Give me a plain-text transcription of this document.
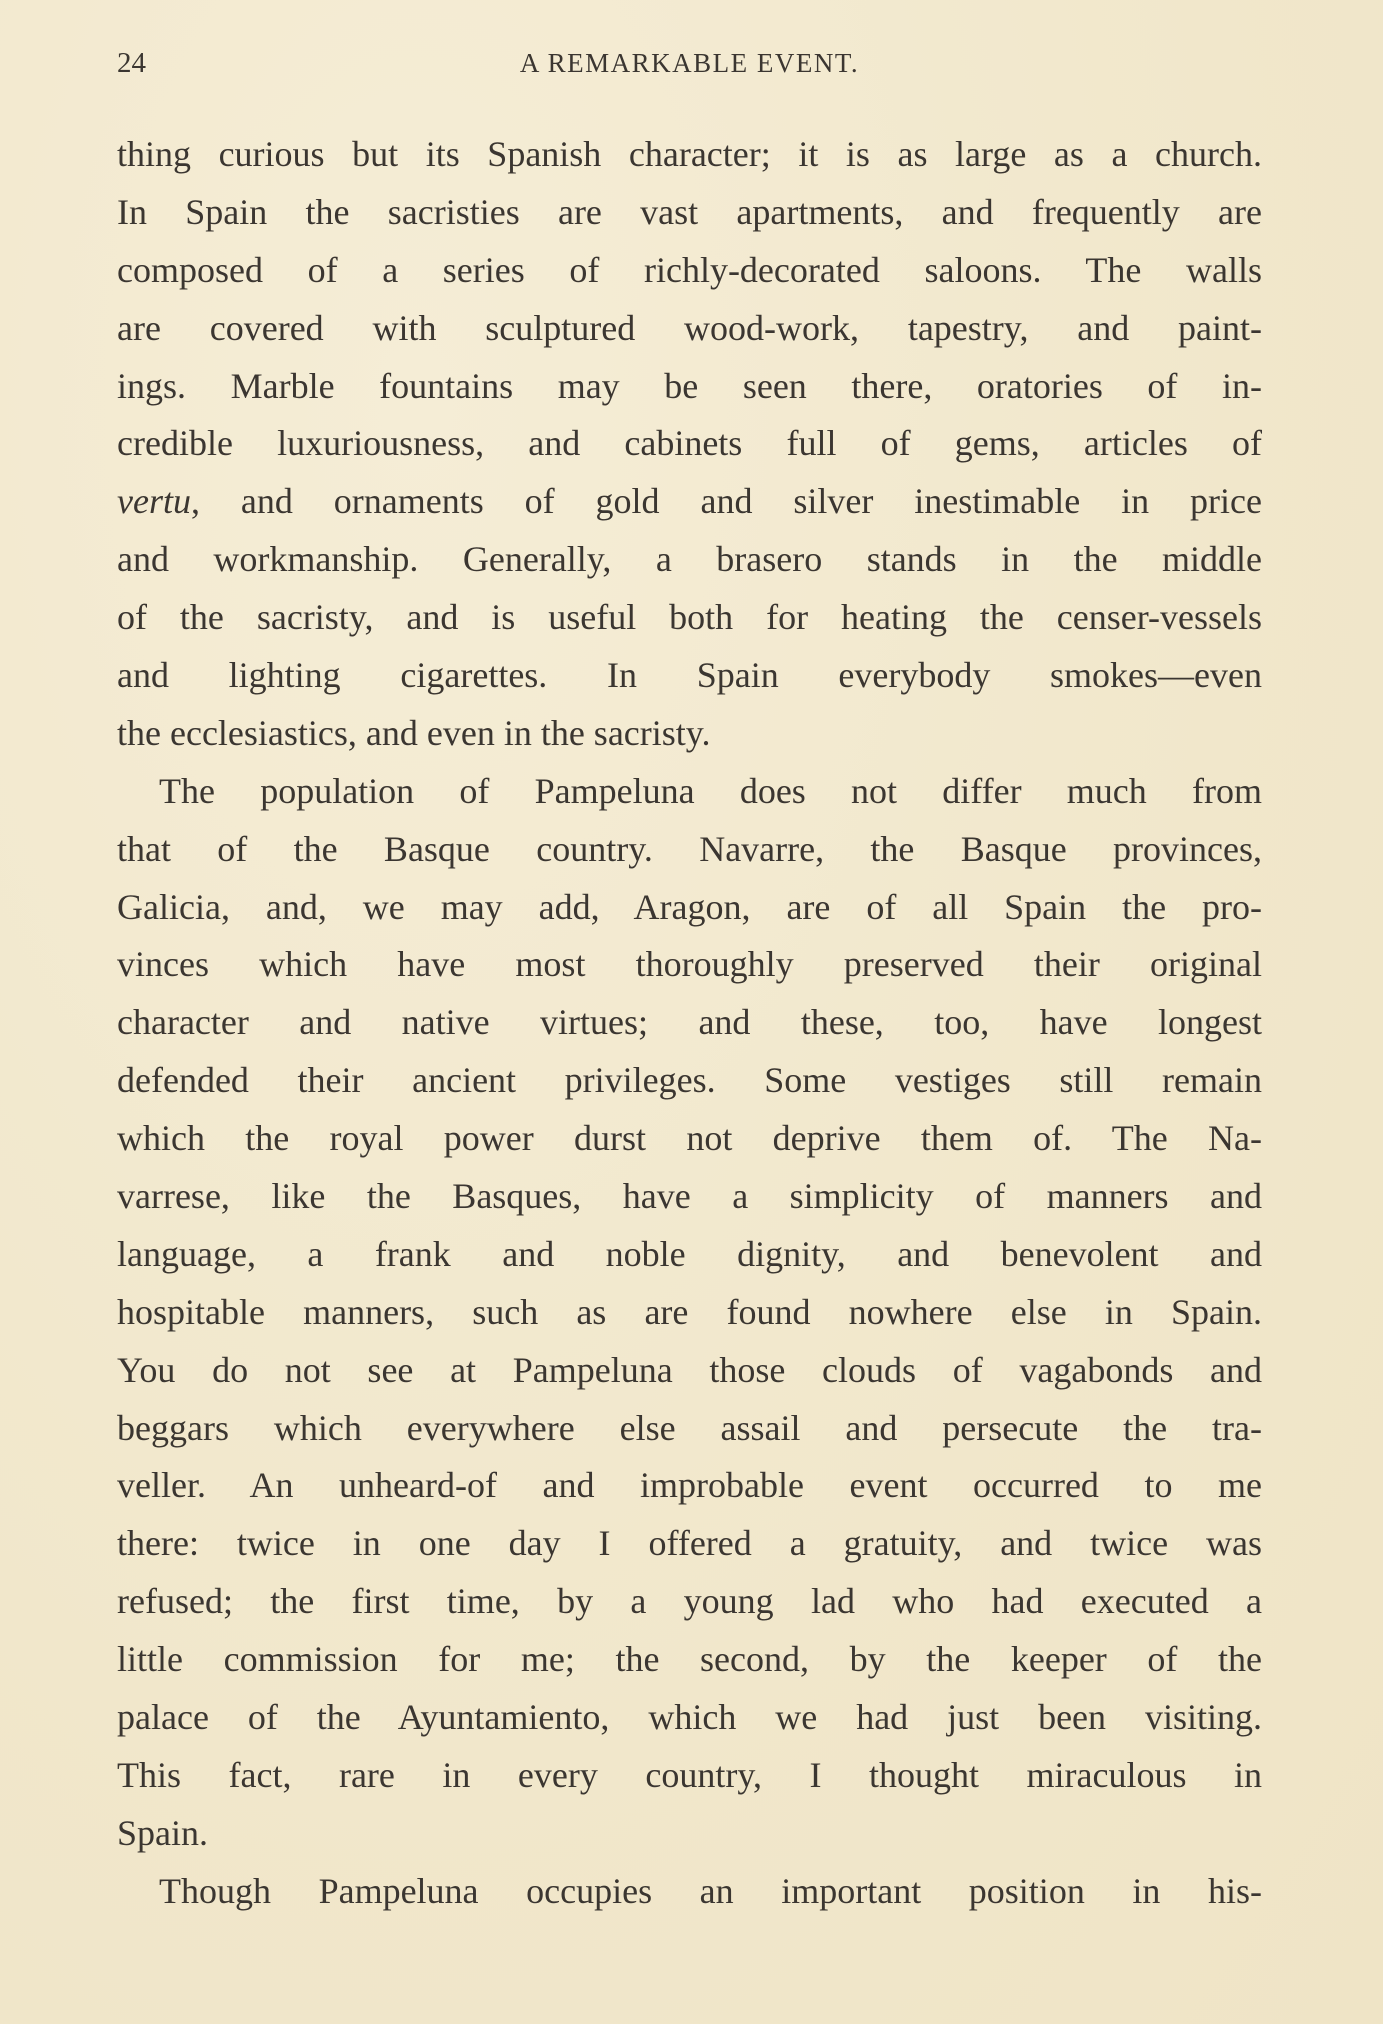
24	A REMARKABLE EVENT.
thing curious but its Spanish character; it is as large as a church.
In Spain the sacristies are vast apartments, and frequently are
composed of a series of richly-decorated saloons. The walls
are covered with sculptured wood-work, tapestry, and paint-
ings. Marble fountains may be seen there, oratories of in-
credible luxuriousness, and cabinets full of gems, articles of
vertu, and ornaments of gold and silver inestimable in price
and workmanship. Generally, a brasero stands in the middle
of the sacristy, and is useful both for heating the censer-vessels
and lighting cigarettes. In Spain everybody smokes—even
the ecclesiastics, and even in the sacristy.
The population of Pampeluna does not differ much from
that of the Basque country. Navarre, the Basque provinces,
Galicia, and, we may add, Aragon, are of all Spain the pro-
vinces which have most thoroughly preserved their original
character and native virtues; and these, too, have longest
defended their ancient privileges. Some vestiges still remain
which the royal power durst not deprive them of. The Na-
varrese, like the Basques, have a simplicity of manners and
language, a frank and noble dignity, and benevolent and
hospitable manners, such as are found nowhere else in Spain.
You do not see at Pampeluna those clouds of vagabonds and
beggars which everywhere else assail and persecute the tra-
veller. An unheard-of and improbable event occurred to me
there: twice in one day I offered a gratuity, and twice was
refused; the first time, by a young lad who had executed a
little commission for me; the second, by the keeper of the
palace of the Ayuntamiento, which we had just been visiting.
This fact, rare in every country, I thought miraculous in
Spain.
Though Pampeluna occupies an important position in his-
